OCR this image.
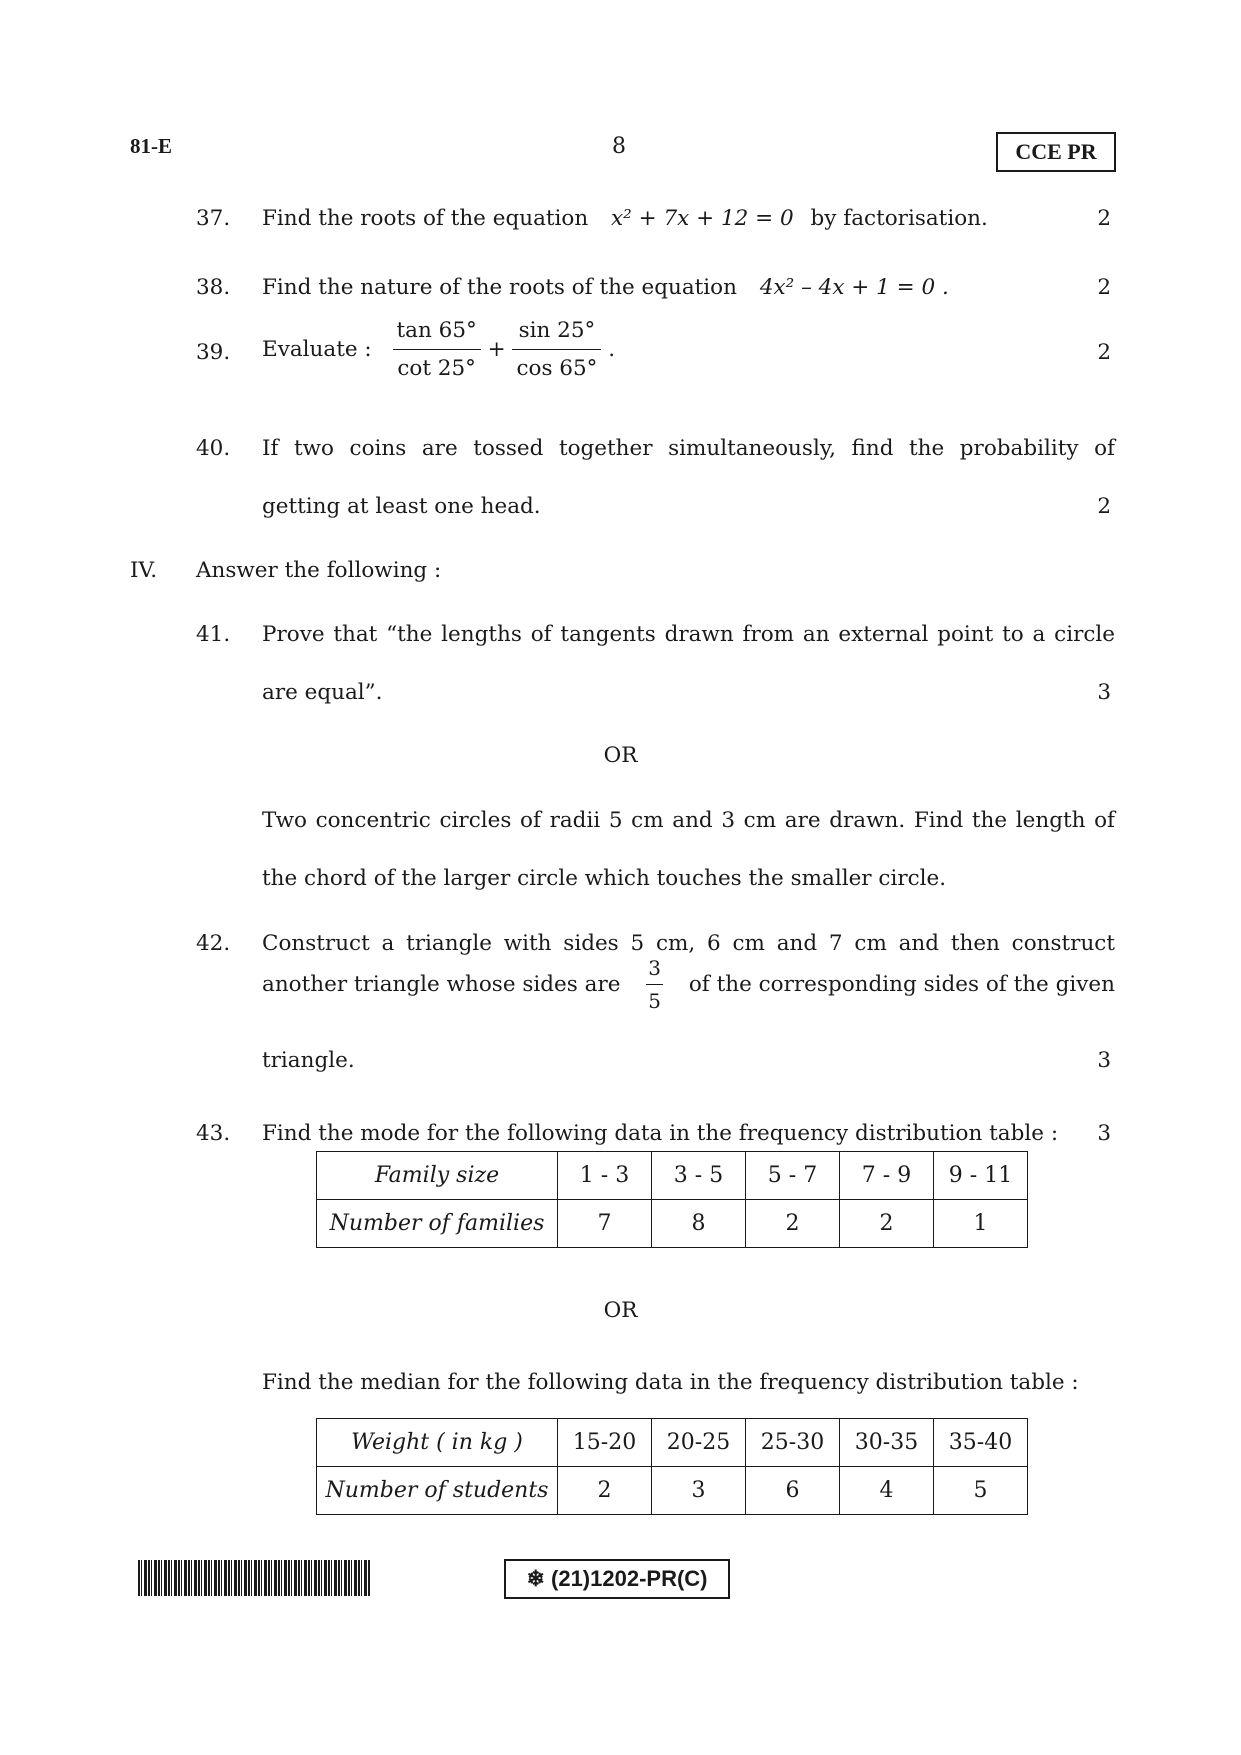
81-E	8	CCE PR
37. Find the roots of the equation x² + 7x + 12 = 0 by factorisation.	2
38. Find the nature of the roots of the equation 4x² – 4x + 1 = 0 .	2
39. Evaluate : $\frac{\tan 65^\circ}{\cot 25^\circ} + \frac{\sin 25^\circ}{\cos 65^\circ}$ .	2
40. If two coins are tossed together simultaneously, find the probability of
getting at least one head.	2
IV. Answer the following :
41. Prove that “the lengths of tangents drawn from an external point to a circle
are equal”.	3
OR
Two concentric circles of radii 5 cm and 3 cm are drawn. Find the length of
the chord of the larger circle which touches the smaller circle.
42. Construct a triangle with sides 5 cm, 6 cm and 7 cm and then construct
another triangle whose sides are $\frac{3}{5}$ of the corresponding sides of the given
triangle.	3
43. Find the mode for the following data in the frequency distribution table : 3
Family size	1 - 3	3 - 5	5 - 7	7 - 9	9 - 11
Number of families	7	8	2	2	1
OR
Find the median for the following data in the frequency distribution table :
Weight ( in kg )	15-20	20-25	25-30	30-35	35-40
Number of students	2	3	6	4	5
❄ (21)1202-PR(C)
